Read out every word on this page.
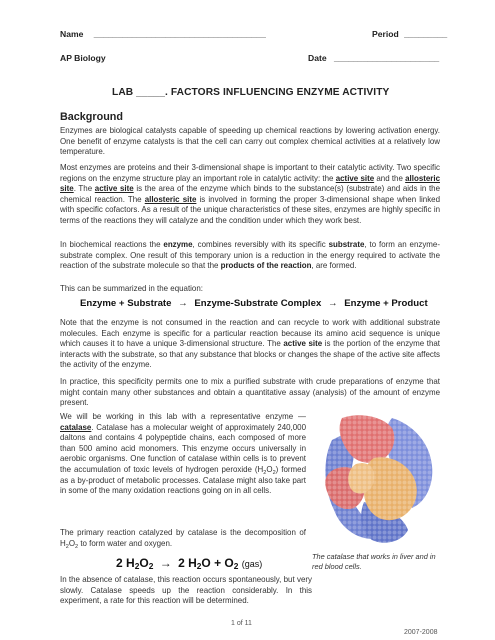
Name ____________________________________	Period _________
AP Biology	Date ______________________
LAB _____. FACTORS INFLUENCING ENZYME ACTIVITY
Background
Enzymes are biological catalysts capable of speeding up chemical reactions by lowering activation energy. One benefit of enzyme catalysts is that the cell can carry out complex chemical activities at a relatively low temperature.
Most enzymes are proteins and their 3-dimensional shape is important to their catalytic activity. Two specific regions on the enzyme structure play an important role in catalytic activity: the active site and the allosteric site. The active site is the area of the enzyme which binds to the substance(s) (substrate) and aids in the chemical reaction. The allosteric site is involved in forming the proper 3-dimensional shape when linked with specific cofactors. As a result of the unique characteristics of these sites, enzymes are highly specific in terms of the reactions they will catalyze and the condition under which they work best.
In biochemical reactions the enzyme, combines reversibly with its specific substrate, to form an enzyme-substrate complex. One result of this temporary union is a reduction in the energy required to activate the reaction of the substrate molecule so that the products of the reaction, are formed.
This can be summarized in the equation:
Enzyme + Substrate → Enzyme-Substrate Complex → Enzyme + Product
Note that the enzyme is not consumed in the reaction and can recycle to work with additional substrate molecules. Each enzyme is specific for a particular reaction because its amino acid sequence is unique which causes it to have a unique 3-dimensional structure. The active site is the portion of the enzyme that interacts with the substrate, so that any substance that blocks or changes the shape of the active site affects the activity of the enzyme.
In practice, this specificity permits one to mix a purified substrate with crude preparations of enzyme that might contain many other substances and obtain a quantitative assay (analysis) of the amount of enzyme present.
We will be working in this lab with a representative enzyme — catalase. Catalase has a molecular weight of approximately 240,000 daltons and contains 4 polypeptide chains, each composed of more than 500 amino acid monomers. This enzyme occurs universally in aerobic organisms. One function of catalase within cells is to prevent the accumulation of toxic levels of hydrogen peroxide $(H_2O_2)$ formed as a by-product of metabolic processes. Catalase might also take part in some of the many oxidation reactions going on in all cells.
The primary reaction catalyzed by catalase is the decomposition of $H_2O_2$ to form water and oxygen.
2 $H_2O_2 \to 2$ $H_2O + O_2$ (gas)
In the absence of catalase, this reaction occurs spontaneously, but very slowly. Catalase speeds up the reaction considerably. In this experiment, a rate for this reaction will be determined.
The catalase that works in liver and in red blood cells.
1 of 11
2007-2008
